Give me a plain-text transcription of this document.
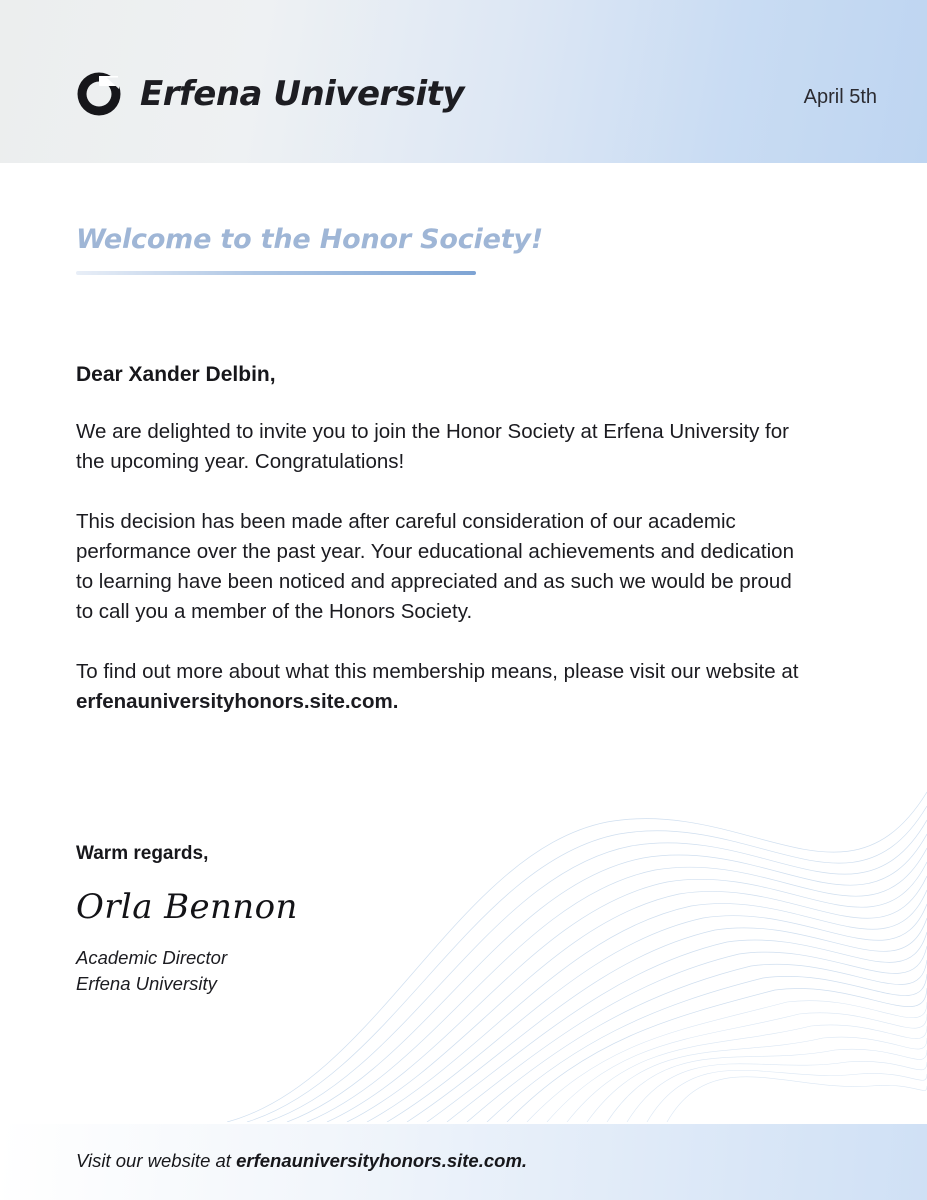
Erfena University	April 5th
Welcome to the Honor Society!
Dear Xander Delbin,

We are delighted to invite you to join the Honor Society at Erfena University for the upcoming year. Congratulations!

This decision has been made after careful consideration of our academic performance over the past year. Your educational achievements and dedication to learning have been noticed and appreciated and as such we would be proud to call you a member of the Honors Society.

To find out more about what this membership means, please visit our website at erfenauniversityhonors.site.com.

Warm regards,
Orla Bennon
Academic Director
Erfena University
Visit our website at erfenauniversityhonors.site.com.
